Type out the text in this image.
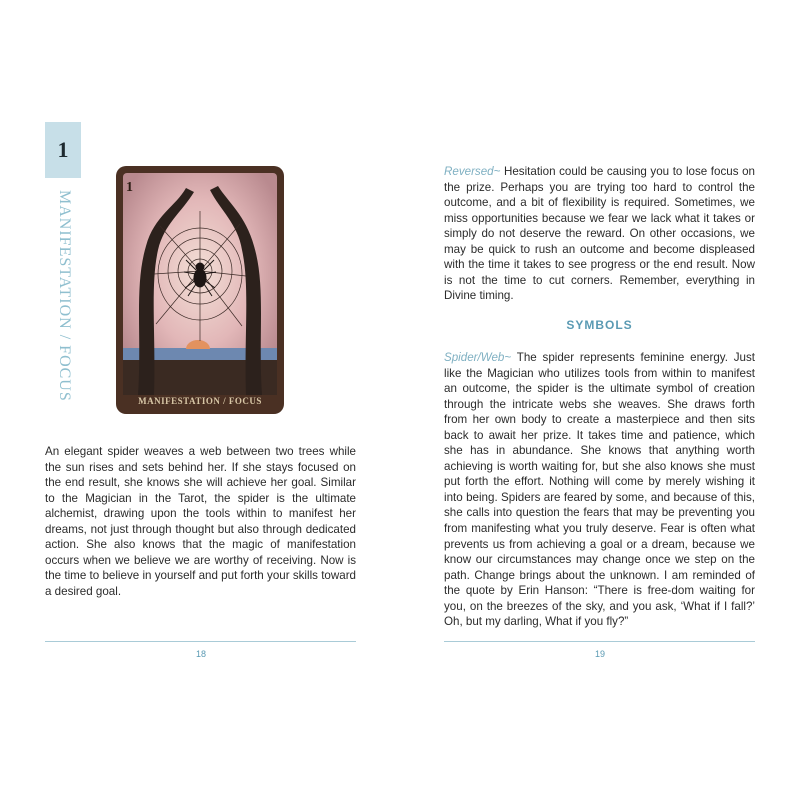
1
MANIFESTATION / FOCUS
1
MANIFESTATION / FOCUS

An elegant spider weaves a web between two trees while the sun rises and sets behind her. If she stays focused on the end result, she knows she will achieve her goal. Similar to the Magician in the Tarot, the spider is the ultimate alchemist, drawing upon the tools within to manifest her dreams, not just through thought but also through dedicated action. She also knows that the magic of manifestation occurs when we believe we are worthy of receiving. Now is the time to believe in yourself and put forth your skills toward a desired goal.

18

Reversed~ Hesitation could be causing you to lose focus on the prize. Perhaps you are trying too hard to control the outcome, and a bit of flexibility is required. Sometimes, we miss opportunities because we fear we lack what it takes or simply do not deserve the reward. On other occasions, we may be quick to rush an outcome and become displeased with the time it takes to see progress or the end result. Now is not the time to cut corners. Remember, everything in Divine timing.

SYMBOLS

Spider/Web~ The spider represents feminine energy. Just like the Magician who utilizes tools from within to manifest an outcome, the spider is the ultimate symbol of creation through the intricate webs she weaves. She draws forth from her own body to create a masterpiece and then sits back to await her prize. It takes time and patience, which she has in abundance. She knows that anything worth achieving is worth waiting for, but she also knows she must put forth the effort. Nothing will come by merely wishing it into being. Spiders are feared by some, and because of this, she calls into question the fears that may be preventing you from manifesting what you truly deserve. Fear is often what prevents us from achieving a goal or a dream, because we know our circumstances may change once we step on the path. Change brings about the unknown. I am reminded of the quote by Erin Hanson: “There is free-dom waiting for you, on the breezes of the sky, and you ask, ‘What if I fall?’ Oh, but my darling, What if you fly?”

19
